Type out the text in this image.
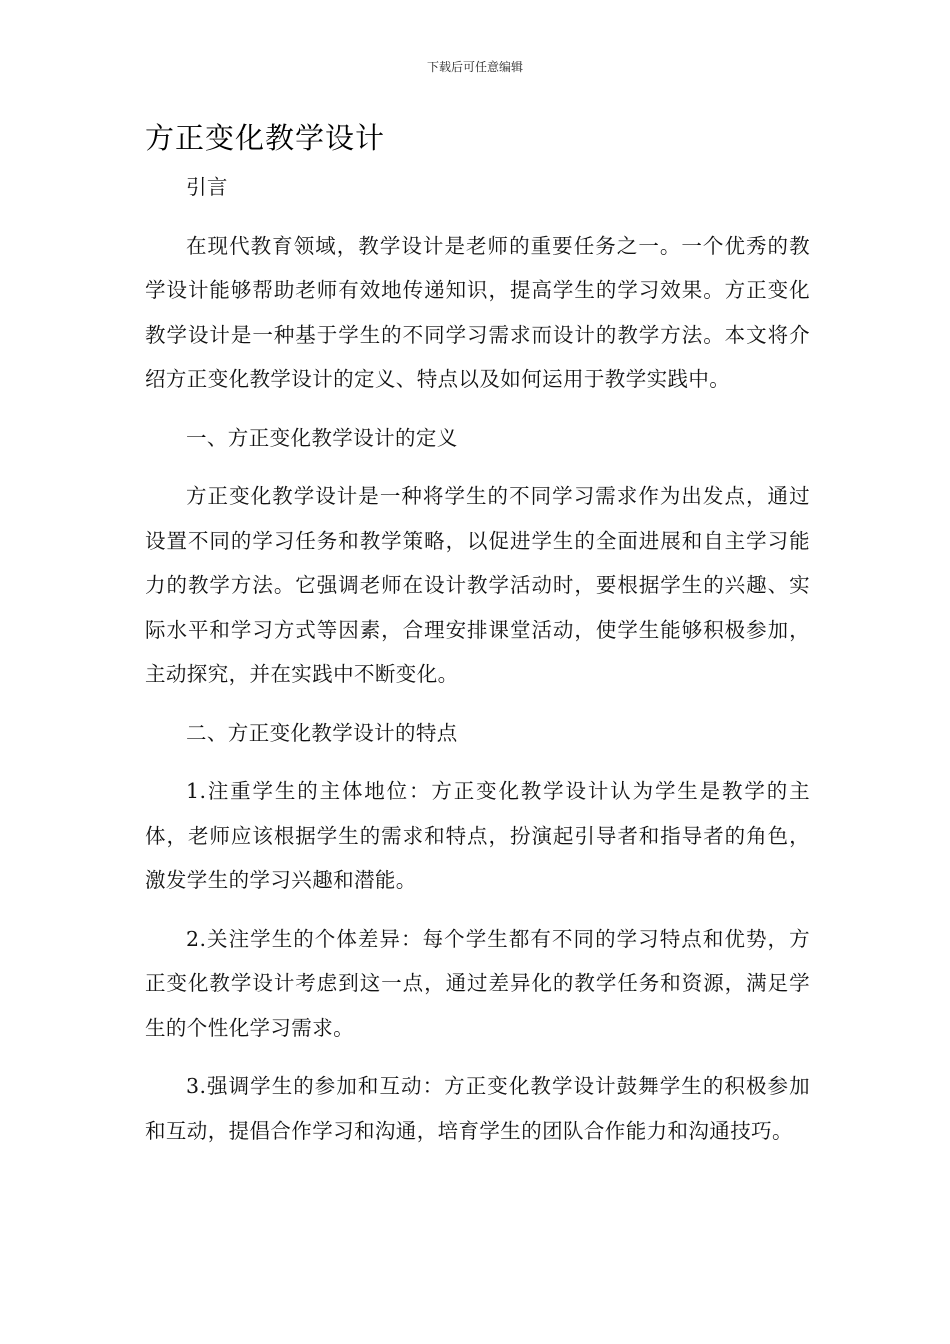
下载后可任意编辑
方正变化教学设计

引言

在现代教育领域，教学设计是老师的重要任务之一。一个优秀的教学设计能够帮助老师有效地传递知识，提高学生的学习效果。方正变化教学设计是一种基于学生的不同学习需求而设计的教学方法。本文将介绍方正变化教学设计的定义、特点以及如何运用于教学实践中。

一、方正变化教学设计的定义

方正变化教学设计是一种将学生的不同学习需求作为出发点，通过设置不同的学习任务和教学策略，以促进学生的全面进展和自主学习能力的教学方法。它强调老师在设计教学活动时，要根据学生的兴趣、实际水平和学习方式等因素，合理安排课堂活动，使学生能够积极参加，主动探究，并在实践中不断变化。

二、方正变化教学设计的特点

1.注重学生的主体地位：方正变化教学设计认为学生是教学的主体，老师应该根据学生的需求和特点，扮演起引导者和指导者的角色，激发学生的学习兴趣和潜能。

2.关注学生的个体差异：每个学生都有不同的学习特点和优势，方正变化教学设计考虑到这一点，通过差异化的教学任务和资源，满足学生的个性化学习需求。

3.强调学生的参加和互动：方正变化教学设计鼓舞学生的积极参加和互动，提倡合作学习和沟通，培育学生的团队合作能力和沟通技巧。
